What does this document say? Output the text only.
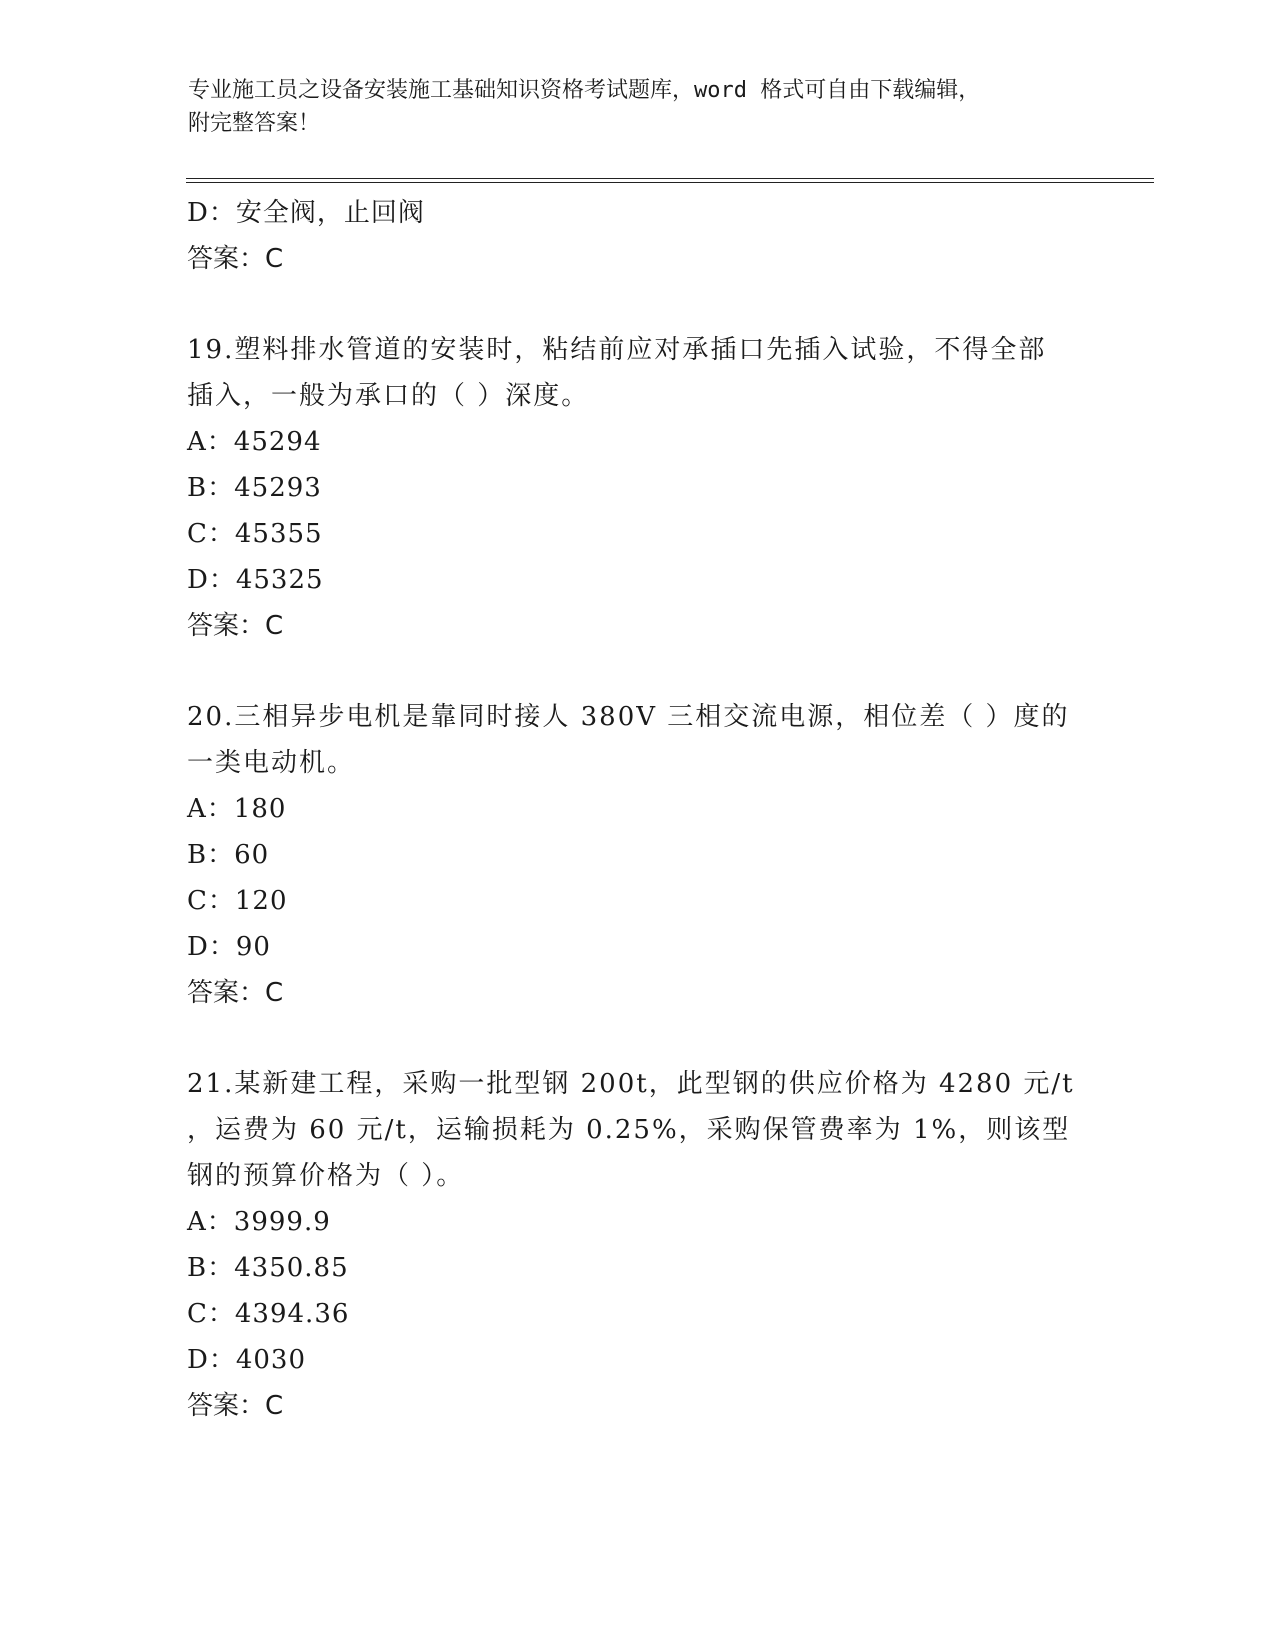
专业施工员之设备安装施工基础知识资格考试题库，word 格式可自由下载编辑，
附完整答案！
D：安全阀，止回阀
答案：C
19.塑料排水管道的安装时，粘结前应对承插口先插入试验，不得全部
插入，一般为承口的（ ）深度。
A：45294
B：45293
C：45355
D：45325
答案：C
20.三相异步电机是靠同时接人 380V 三相交流电源，相位差（ ）度的
一类电动机。
A：180
B：60
C：120
D：90
答案：C
21.某新建工程，采购一批型钢 200t，此型钢的供应价格为 4280 元/t
，运费为 60 元/t，运输损耗为 0.25%，采购保管费率为 1%，则该型
钢的预算价格为（ ）。
A：3999.9
B：4350.85
C：4394.36
D：4030
答案：C
